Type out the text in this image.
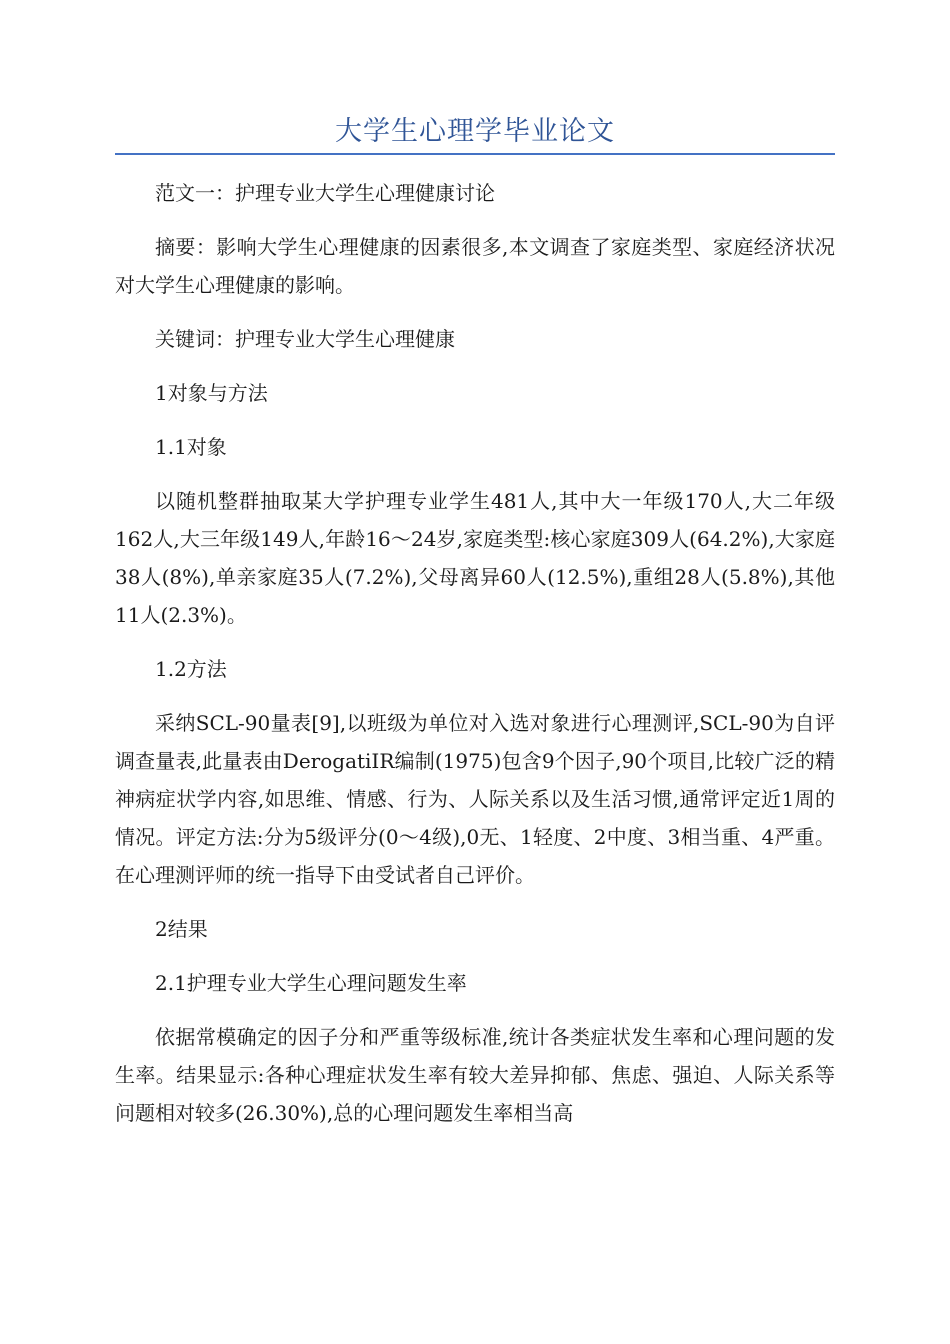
大学生心理学毕业论文

范文一：护理专业大学生心理健康讨论

摘要：影响大学生心理健康的因素很多,本文调查了家庭类型、家庭经济状况对大学生心理健康的影响。

关键词：护理专业大学生心理健康

1对象与方法

1.1对象

以随机整群抽取某大学护理专业学生481人,其中大一年级170人,大二年级162人,大三年级149人,年龄16～24岁,家庭类型:核心家庭309人(64.2%),大家庭38人(8%),单亲家庭35人(7.2%),父母离异60人(12.5%),重组28人(5.8%),其他11人(2.3%)。

1.2方法

采纳SCL-90量表[9],以班级为单位对入选对象进行心理测评,SCL-90为自评调查量表,此量表由DerogatiIR编制(1975)包含9个因子,90个项目,比较广泛的精神病症状学内容,如思维、情感、行为、人际关系以及生活习惯,通常评定近1周的情况。评定方法:分为5级评分(0～4级),0无、1轻度、2中度、3相当重、4严重。在心理测评师的统一指导下由受试者自己评价。

2结果

2.1护理专业大学生心理问题发生率

依据常模确定的因子分和严重等级标准,统计各类症状发生率和心理问题的发生率。结果显示:各种心理症状发生率有较大差异抑郁、焦虑、强迫、人际关系等问题相对较多(26.30%),总的心理问题发生率相当高
